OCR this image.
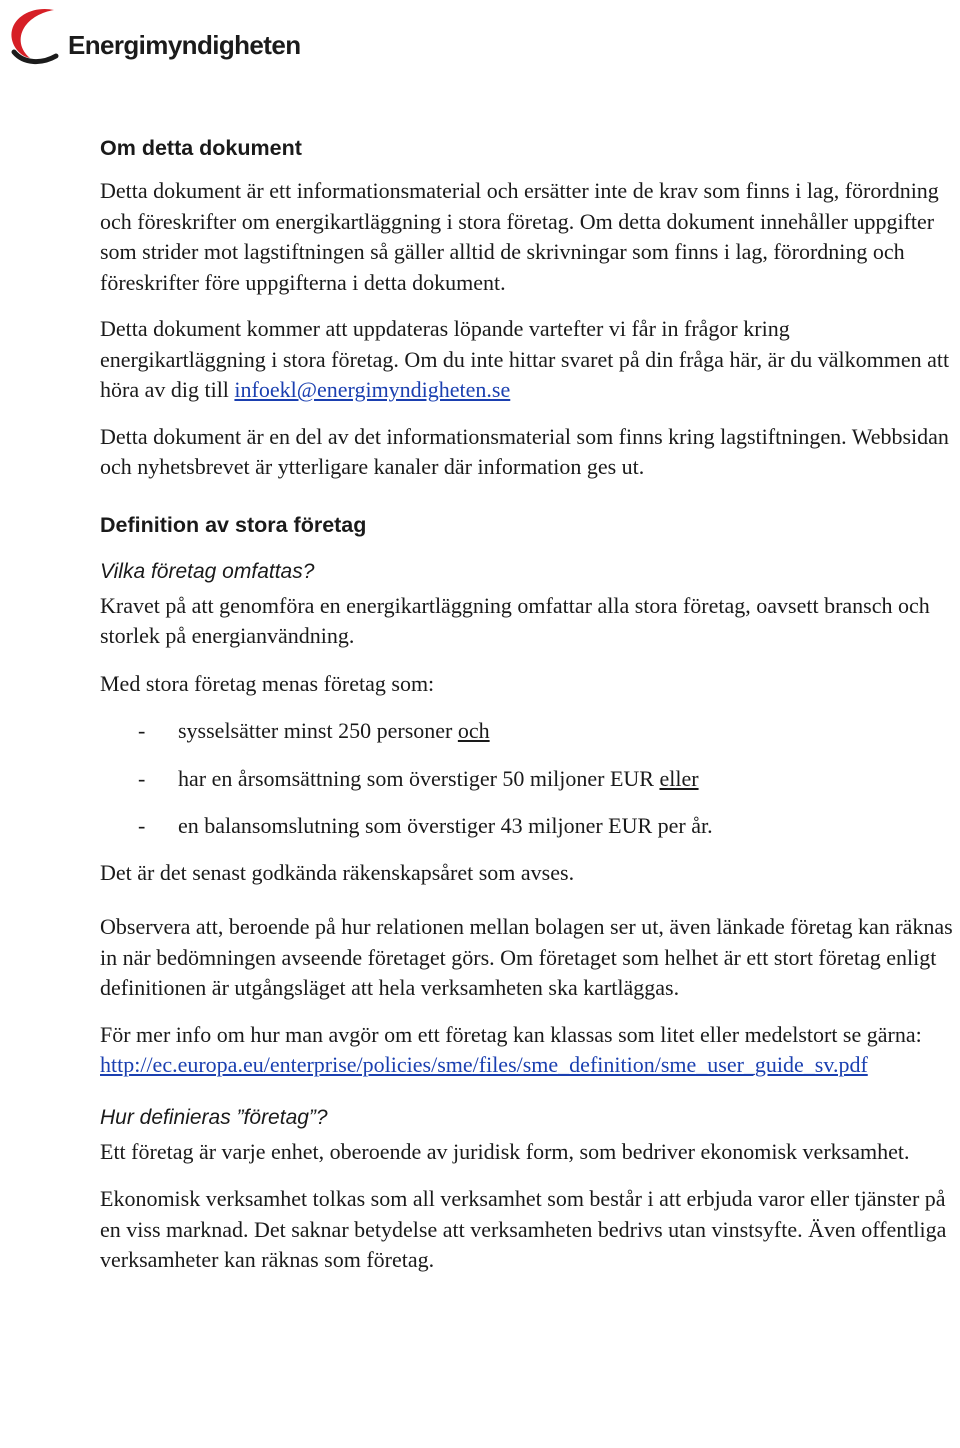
Energimyndigheten
Om detta dokument

Detta dokument är ett informationsmaterial och ersätter inte de krav som finns i lag, förordning och föreskrifter om energikartläggning i stora företag. Om detta dokument innehåller uppgifter som strider mot lagstiftningen så gäller alltid de skrivningar som finns i lag, förordning och föreskrifter före uppgifterna i detta dokument.

Detta dokument kommer att uppdateras löpande vartefter vi får in frågor kring energikartläggning i stora företag. Om du inte hittar svaret på din fråga här, är du välkommen att höra av dig till infoekl@energimyndigheten.se

Detta dokument är en del av det informationsmaterial som finns kring lagstiftningen. Webbsidan och nyhetsbrevet är ytterligare kanaler där information ges ut.

Definition av stora företag
Vilka företag omfattas?

Kravet på att genomföra en energikartläggning omfattar alla stora företag, oavsett bransch och storlek på energianvändning.

Med stora företag menas företag som:

- sysselsätter minst 250 personer och
- har en årsomsättning som överstiger 50 miljoner EUR eller
- en balansomslutning som överstiger 43 miljoner EUR per år.

Det är det senast godkända räkenskapsåret som avses.

Observera att, beroende på hur relationen mellan bolagen ser ut, även länkade företag kan räknas in när bedömningen avseende företaget görs. Om företaget som helhet är ett stort företag enligt definitionen är utgångsläget att hela verksamheten ska kartläggas.

För mer info om hur man avgör om ett företag kan klassas som litet eller medelstort se gärna:

http://ec.europa.eu/enterprise/policies/sme/files/sme_definition/sme_user_guide_sv.pdf

Hur definieras ”företag”?

Ett företag är varje enhet, oberoende av juridisk form, som bedriver ekonomisk verksamhet.

Ekonomisk verksamhet tolkas som all verksamhet som består i att erbjuda varor eller tjänster på en viss marknad. Det saknar betydelse att verksamheten bedrivs utan vinstsyfte. Även offentliga verksamheter kan räknas som företag.
